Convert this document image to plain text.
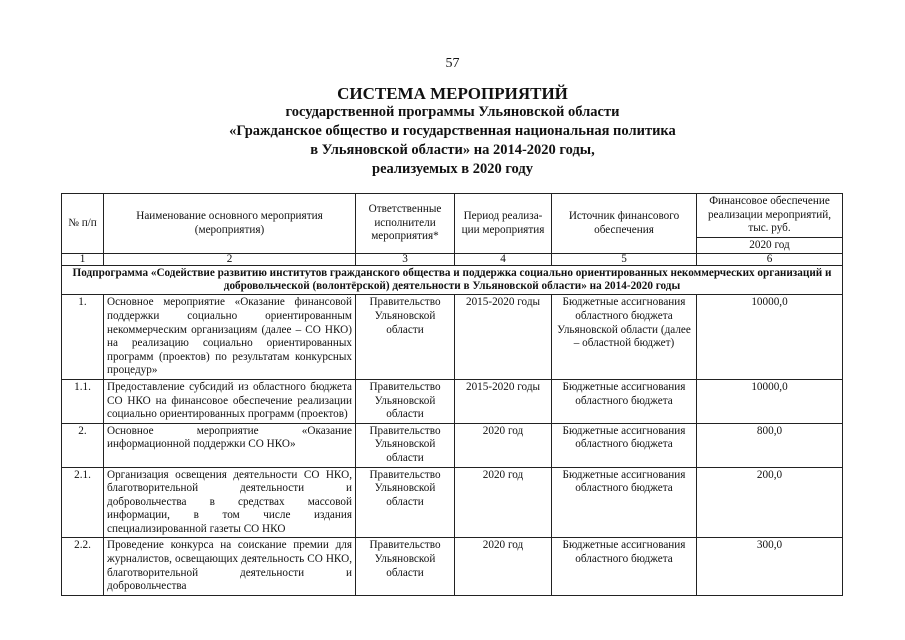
57
СИСТЕМА МЕРОПРИЯТИЙ
государственной программы Ульяновской области
«Гражданское общество и государственная национальная политика
в Ульяновской области» на 2014-2020 годы,
реализуемых в 2020 году
№ п/п	Наименование основного мероприятия (мероприятия)	Ответственные исполнители мероприятия*	Период реализа-ции мероприятия	Источник финансового обеспечения	Финансовое обеспечение реализации мероприятий, тыс. руб.
					2020 год
1	2	3	4	5	6
Подпрограмма «Содействие развитию институтов гражданского общества и поддержка социально ориентированных некоммерческих организаций и добровольческой (волонтёрской) деятельности в Ульяновской области» на 2014-2020 годы					
1.	Основное мероприятие «Оказание финансовой поддержки социально ориентированным некоммерческим организациям (далее – СО НКО) на реализацию социально ориентированных программ (проектов) по результатам конкурсных процедур»	Правительство Ульяновской области	2015-2020 годы	Бюджетные ассигнования областного бюджета Ульяновской области (далее – областной бюджет)	10000,0
1.1.	Предоставление субсидий из областного бюджета СО НКО на финансовое обеспечение реализации социально ориентированных программ (проектов)	Правительство Ульяновской области	2015-2020 годы	Бюджетные ассигнования областного бюджета	10000,0
2.	Основное мероприятие «Оказание информационной поддержки СО НКО»	Правительство Ульяновской области	2020 год	Бюджетные ассигнования областного бюджета	800,0
2.1.	Организация освещения деятельности СО НКО, благотворительной деятельности и добровольчества в средствах массовой информации, в том числе издания специализированной газеты СО НКО	Правительство Ульяновской области	2020 год	Бюджетные ассигнования областного бюджета	200,0
2.2.	Проведение конкурса на соискание премии для журналистов, освещающих деятельность СО НКО, благотворительной деятельности и добровольчества	Правительство Ульяновской области	2020 год	Бюджетные ассигнования областного бюджета	300,0
